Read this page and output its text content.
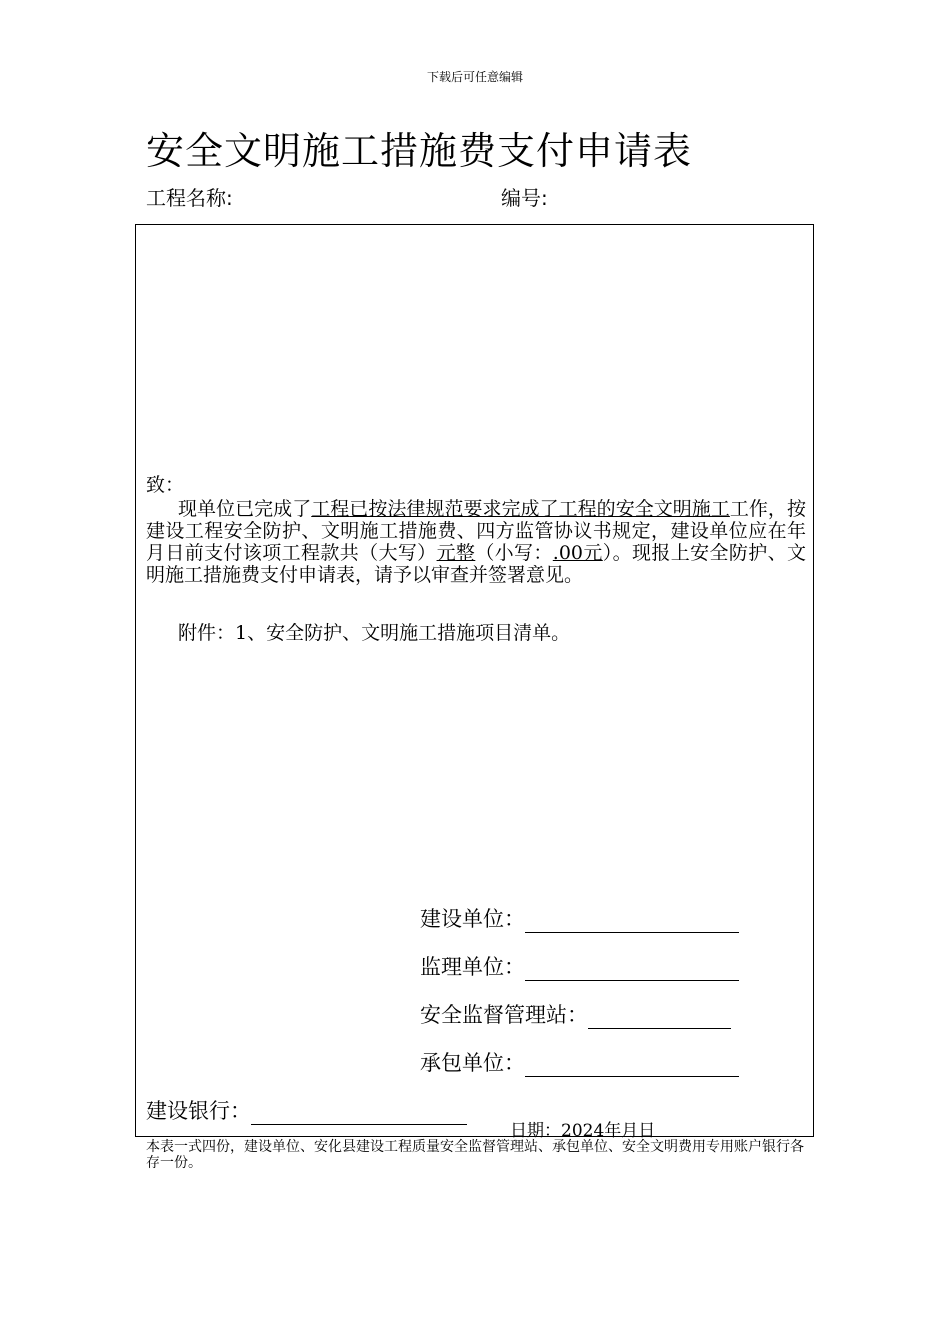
下载后可任意编辑
安全文明施工措施费支付申请表
工程名称:	编号:
致：
现单位已完成了工程已按法律规范要求完成了工程的安全文明施工工作，按建设工程安全防护、文明施工措施费、四方监管协议书规定，建设单位应在年月日前支付该项工程款共（大写）元整（小写：.00元）。现报上安全防护、文明施工措施费支付申请表，请予以审查并签署意见。
附件：1、安全防护、文明施工措施项目清单。
建设单位：
监理单位：
安全监督管理站：
承包单位：
建设银行：
日期：2024年月日
本表一式四份，建设单位、安化县建设工程质量安全监督管理站、承包单位、安全文明费用专用账户银行各存一份。
